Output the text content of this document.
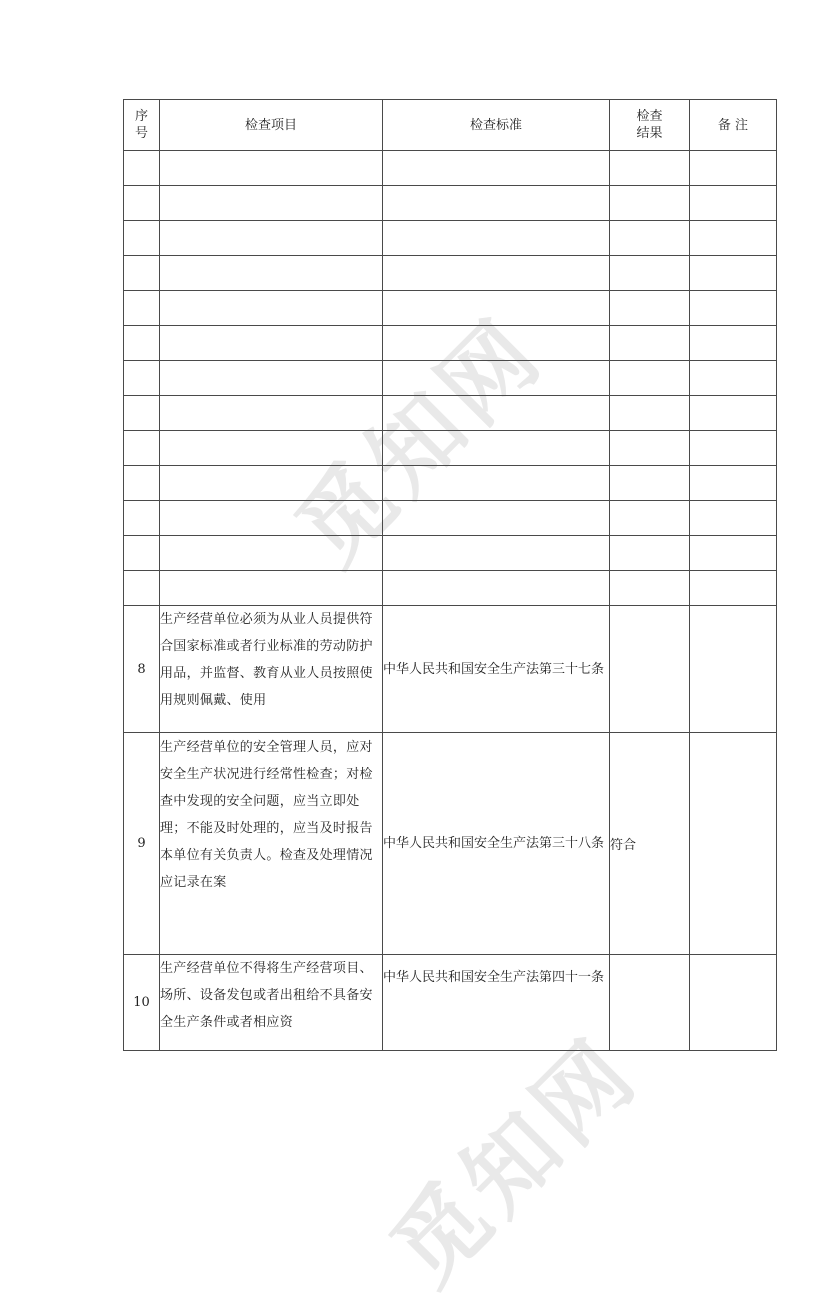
觅知网
觅知网
序号	检查项目	检查标准	检查结果	备 注

8	生产经营单位必须为从业人员提供符合国家标准或者行业标准的劳动防护用品，并监督、教育从业人员按照使用规则佩戴、使用	中华人民共和国安全生产法第三十七条		
9	生产经营单位的安全管理人员，应对安全生产状况进行经常性检查；对检查中发现的安全问题，应当立即处理；不能及时处理的，应当及时报告本单位有关负责人。检查及处理情况应记录在案	中华人民共和国安全生产法第三十八条	符合	
10	生产经营单位不得将生产经营项目、场所、设备发包或者出租给不具备安全生产条件或者相应资	中华人民共和国安全生产法第四十一条		
